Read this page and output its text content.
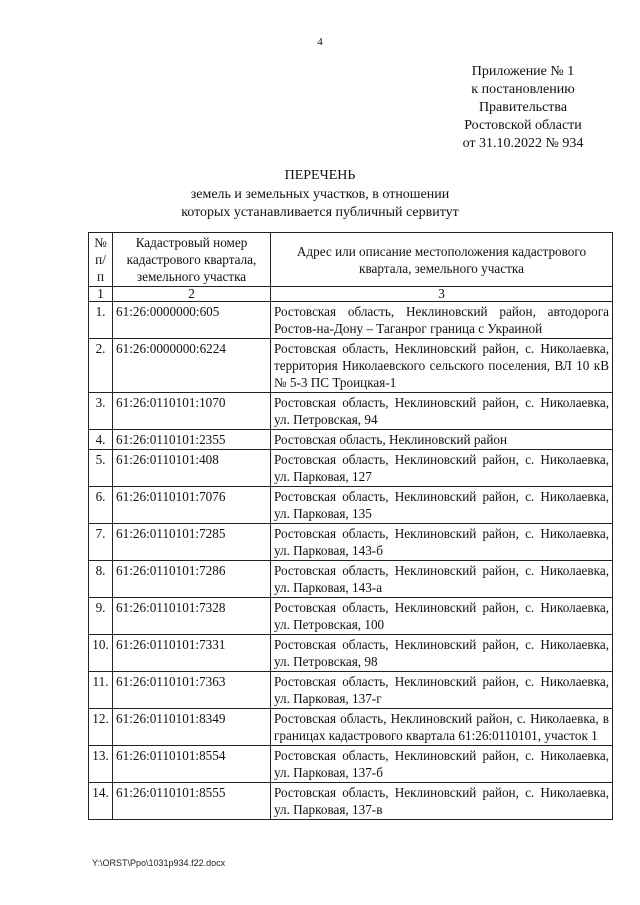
4
Приложение № 1
к постановлению
Правительства
Ростовской области
от 31.10.2022 № 934
ПЕРЕЧЕНЬ
земель и земельных участков, в отношении
которых устанавливается публичный сервитут
№ п/п	Кадастровый номер кадастрового квартала, земельного участка	Адрес или описание местоположения кадастрового квартала, земельного участка
1	2	3
1.	61:26:0000000:605	Ростовская область, Неклиновский район, автодорога Ростов-на-Дону – Таганрог граница с Украиной
2.	61:26:0000000:6224	Ростовская область, Неклиновский район, с. Николаевка, территория Николаевского сельского поселения, ВЛ 10 кВ № 5-3 ПС Троицкая-1
3.	61:26:0110101:1070	Ростовская область, Неклиновский район, с. Николаевка, ул. Петровская, 94
4.	61:26:0110101:2355	Ростовская область, Неклиновский район
5.	61:26:0110101:408	Ростовская область, Неклиновский район, с. Николаевка, ул. Парковая, 127
6.	61:26:0110101:7076	Ростовская область, Неклиновский район, с. Николаевка, ул. Парковая, 135
7.	61:26:0110101:7285	Ростовская область, Неклиновский район, с. Николаевка, ул. Парковая, 143-б
8.	61:26:0110101:7286	Ростовская область, Неклиновский район, с. Николаевка, ул. Парковая, 143-а
9.	61:26:0110101:7328	Ростовская область, Неклиновский район, с. Николаевка, ул. Петровская, 100
10.	61:26:0110101:7331	Ростовская область, Неклиновский район, с. Николаевка, ул. Петровская, 98
11.	61:26:0110101:7363	Ростовская область, Неклиновский район, с. Николаевка, ул. Парковая, 137-г
12.	61:26:0110101:8349	Ростовская область, Неклиновский район, с. Николаевка, в границах кадастрового квартала 61:26:0110101, участок 1
13.	61:26:0110101:8554	Ростовская область, Неклиновский район, с. Николаевка, ул. Парковая, 137-б
14.	61:26:0110101:8555	Ростовская область, Неклиновский район, с. Николаевка, ул. Парковая, 137-в
Y:\ORST\Ppo\1031p934.f22.docx
